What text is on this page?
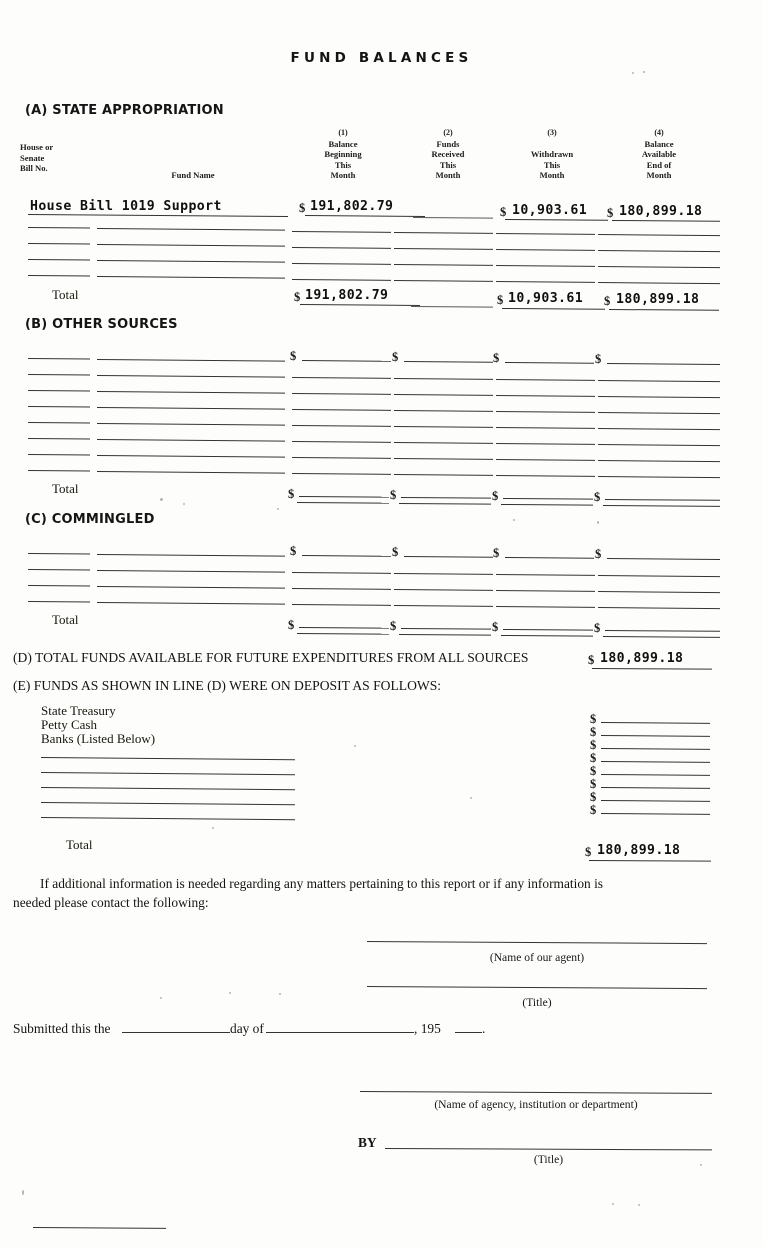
FUND BALANCES
(A) STATE APPROPRIATION
House or
Senate
Bill No.
Fund Name
(1)
Balance
Beginning
This
Month
(2)
Funds
Received
This
Month
(3)
Withdrawn
This
Month
(4)
Balance
Available
End of
Month
House Bill 1019 Support	$ 191,802.79	$ 10,903.61 $ 180,899.18
Total	$ 191,802.79	$ 10,903.61 $ 180,899.18
(B) OTHER SOURCES
$	$	$	$
Total	$	$	$	$
(C) COMMINGLED
$	$	$	$
Total	$	$	$	$
(D) TOTAL FUNDS AVAILABLE FOR FUTURE EXPENDITURES FROM ALL SOURCES	$ 180,899.18
(E) FUNDS AS SHOWN IN LINE (D) WERE ON DEPOSIT AS FOLLOWS:
State Treasury
Petty Cash
Banks (Listed Below)
$
$
$
$
$
$
$
$
Total	$ 180,899.18
If additional information is needed regarding any matters pertaining to this report or if any information is
needed please contact the following:
(Name of our agent)
(Title)
Submitted this the	day of	, 195	.
(Name of agency, institution or department)
BY
(Title)
